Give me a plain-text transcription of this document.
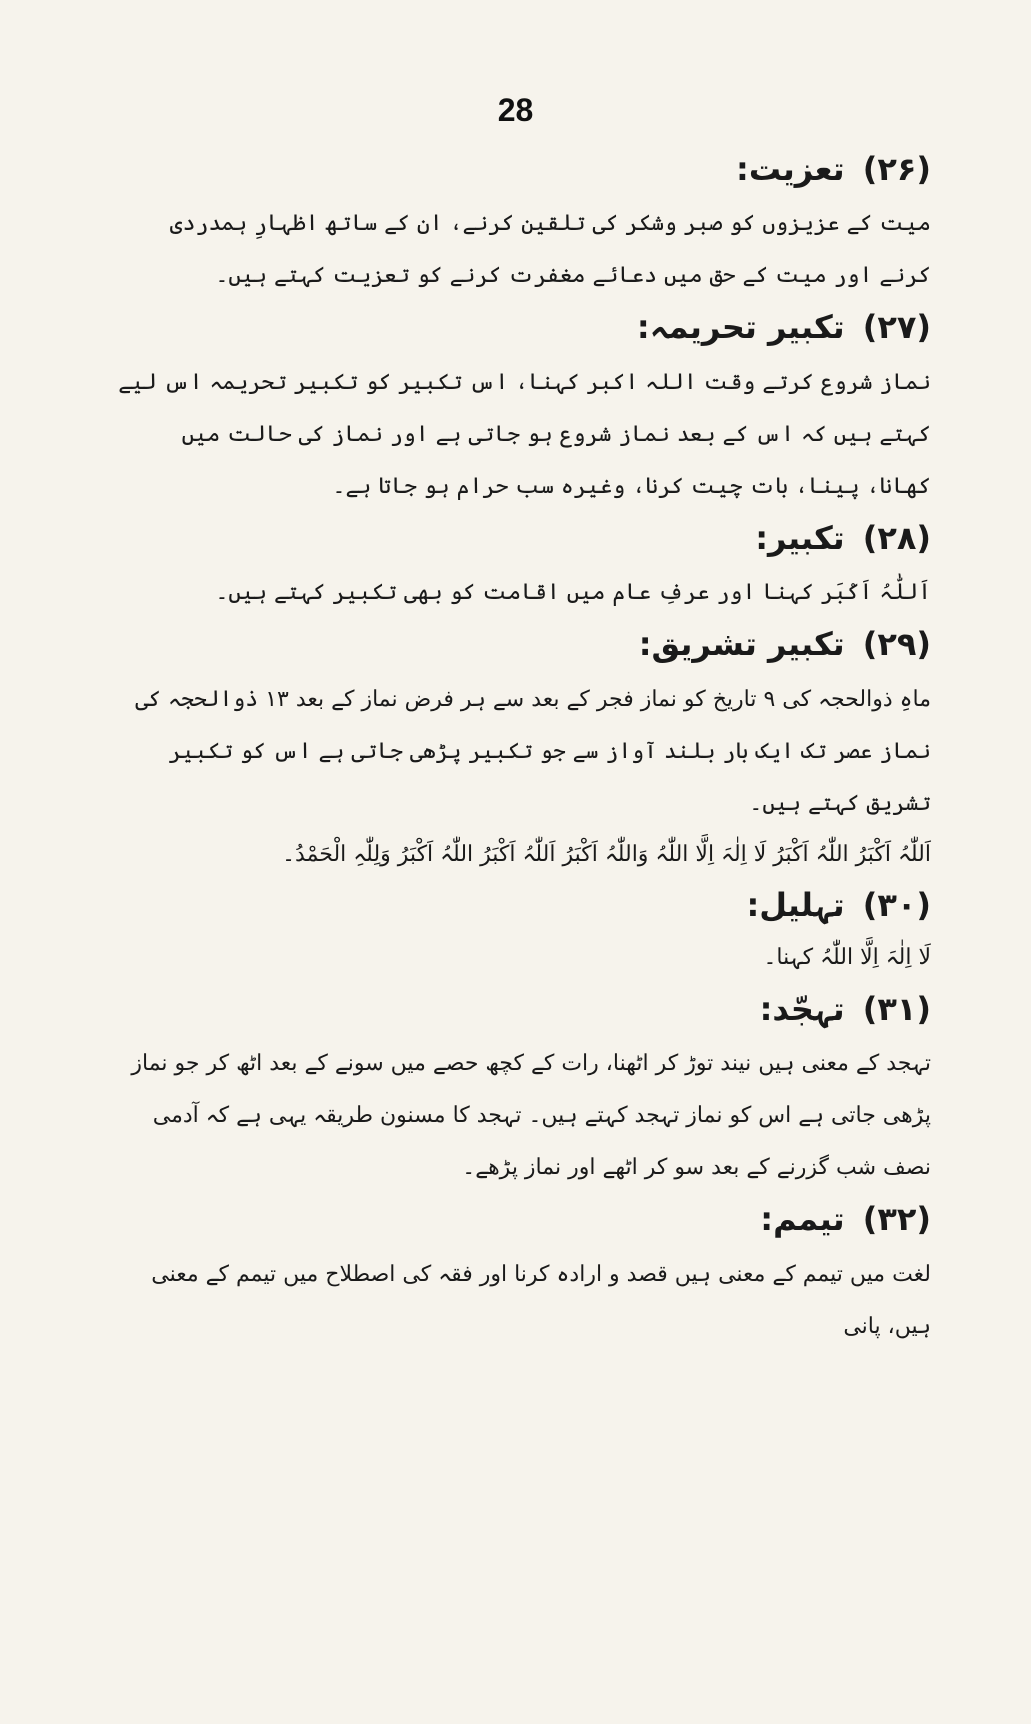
28
(۲۶)
تعزیت:

میت کے عزیزوں کو صبر وشکر کی تلقین کرنے، ان کے ساتھ اظہارِ ہمدردی کرنے اور میت کے حق میں دعائے مغفرت کرنے کو تعزیت کہتے ہیں۔

(۲۷)
تکبیر تحریمہ:

نماز شروع کرتے وقت اللہ اکبر کہنا، اس تکبیر کو تکبیر تحریمہ اس لیے کہتے ہیں کہ اس کے بعد نماز شروع ہو جاتی ہے اور نماز کی حالت میں کھانا، پینا، بات چیت کرنا، وغیرہ سب حرام ہو جاتا ہے۔

(۲۸)
تکبیر:

اَللّٰہُ اَکْبَر کہنا اور عرفِ عام میں اقامت کو بھی تکبیر کہتے ہیں۔

(۲۹)
تکبیر تشریق:

ماہِ ذوالحجہ کی ۹ تاریخ کو نماز فجر کے بعد سے ہر فرض نماز کے بعد ۱۳ ذوالحجہ کی نماز عصر تک ایک بار بلند آواز سے جو تکبیر پڑھی جاتی ہے اس کو تکبیر تشریق کہتے ہیں۔

اَللّٰہُ اَکْبَرُ اللّٰہُ اَکْبَرُ لَا اِلٰہَ اِلَّا اللّٰہُ وَاللّٰہُ اَکْبَرُ اَللّٰہُ اَکْبَرُ اللّٰہُ اَکْبَرُ وَلِلّٰہِ الْحَمْدُ۔

(۳۰)
تہلیل:

لَا اِلٰہَ اِلَّا اللّٰہُ کہنا۔

(۳۱)
تہجّد:

تہجد کے معنی ہیں نیند توڑ کر اٹھنا، رات کے کچھ حصے میں سونے کے بعد اٹھ کر جو نماز پڑھی جاتی ہے اس کو نماز تہجد کہتے ہیں۔ تہجد کا مسنون طریقہ یہی ہے کہ آدمی نصف شب گزرنے کے بعد سو کر اٹھے اور نماز پڑھے۔

(۳۲)
تیمم:

لغت میں تیمم کے معنی ہیں قصد و ارادہ کرنا اور فقہ کی اصطلاح میں تیمم کے معنی ہیں، پانی
